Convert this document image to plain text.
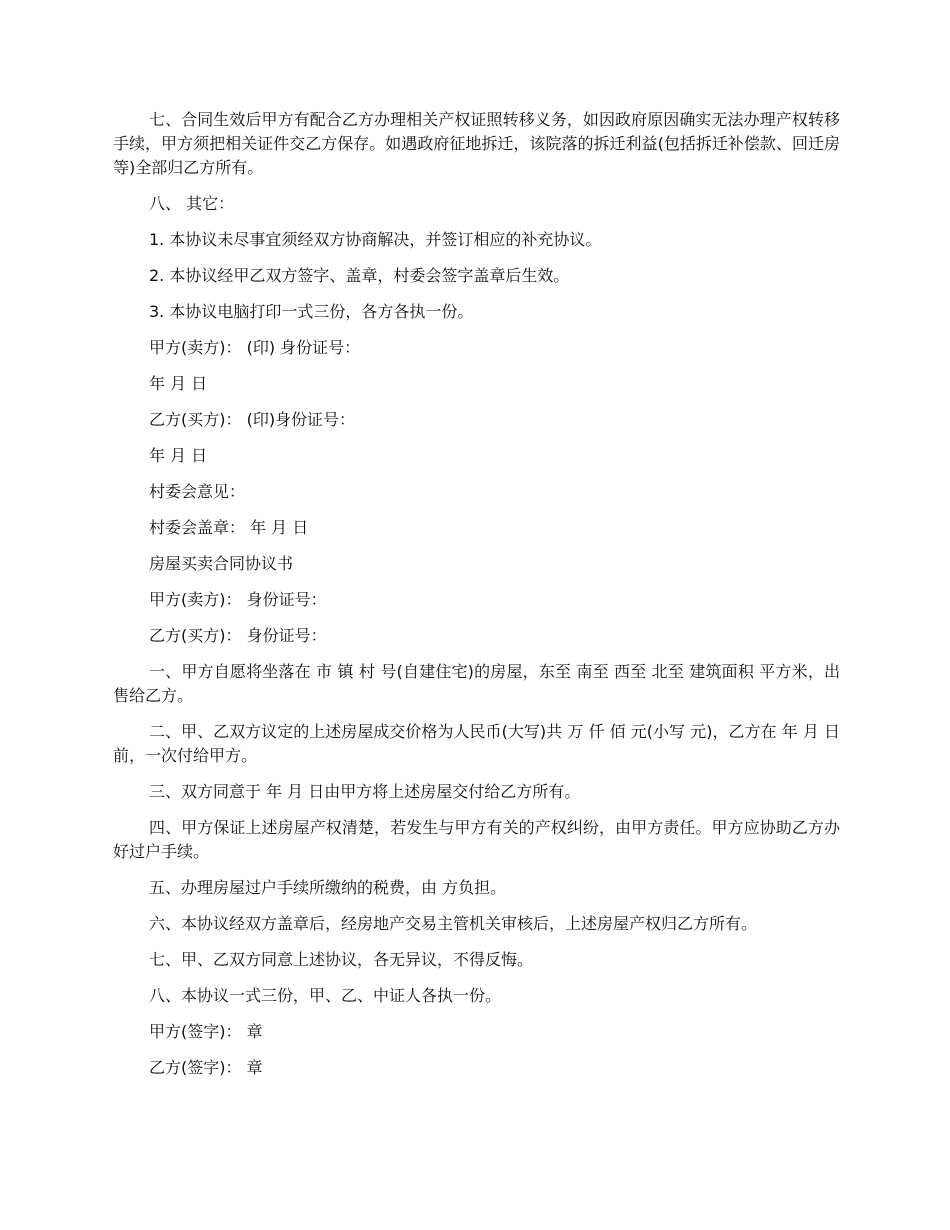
七、合同生效后甲方有配合乙方办理相关产权证照转移义务，如因政府原因确实无法办理产权转移手续，甲方须把相关证件交乙方保存。如遇政府征地拆迁，该院落的拆迁利益(包括拆迁补偿款、回迁房等)全部归乙方所有。

八、 其它：

1. 本协议未尽事宜须经双方协商解决，并签订相应的补充协议。

2. 本协议经甲乙双方签字、盖章，村委会签字盖章后生效。

3. 本协议电脑打印一式三份，各方各执一份。

甲方(卖方)： (印) 身份证号：

年 月 日

乙方(买方)： (印)身份证号：

年 月 日

村委会意见：

村委会盖章： 年 月 日

房屋买卖合同协议书

甲方(卖方)： 身份证号：

乙方(买方)： 身份证号：

一、甲方自愿将坐落在 市 镇 村 号(自建住宅)的房屋，东至 南至 西至 北至 建筑面积 平方米，出售给乙方。

二、甲、乙双方议定的上述房屋成交价格为人民币(大写)共 万 仟 佰 元(小写 元)，乙方在 年 月 日 前，一次付给甲方。

三、双方同意于 年 月 日由甲方将上述房屋交付给乙方所有。

四、甲方保证上述房屋产权清楚，若发生与甲方有关的产权纠纷，由甲方责任。甲方应协助乙方办好过户手续。

五、办理房屋过户手续所缴纳的税费，由 方负担。

六、本协议经双方盖章后，经房地产交易主管机关审核后，上述房屋产权归乙方所有。

七、甲、乙双方同意上述协议，各无异议，不得反悔。

八、本协议一式三份，甲、乙、中证人各执一份。

甲方(签字)： 章

乙方(签字)： 章
